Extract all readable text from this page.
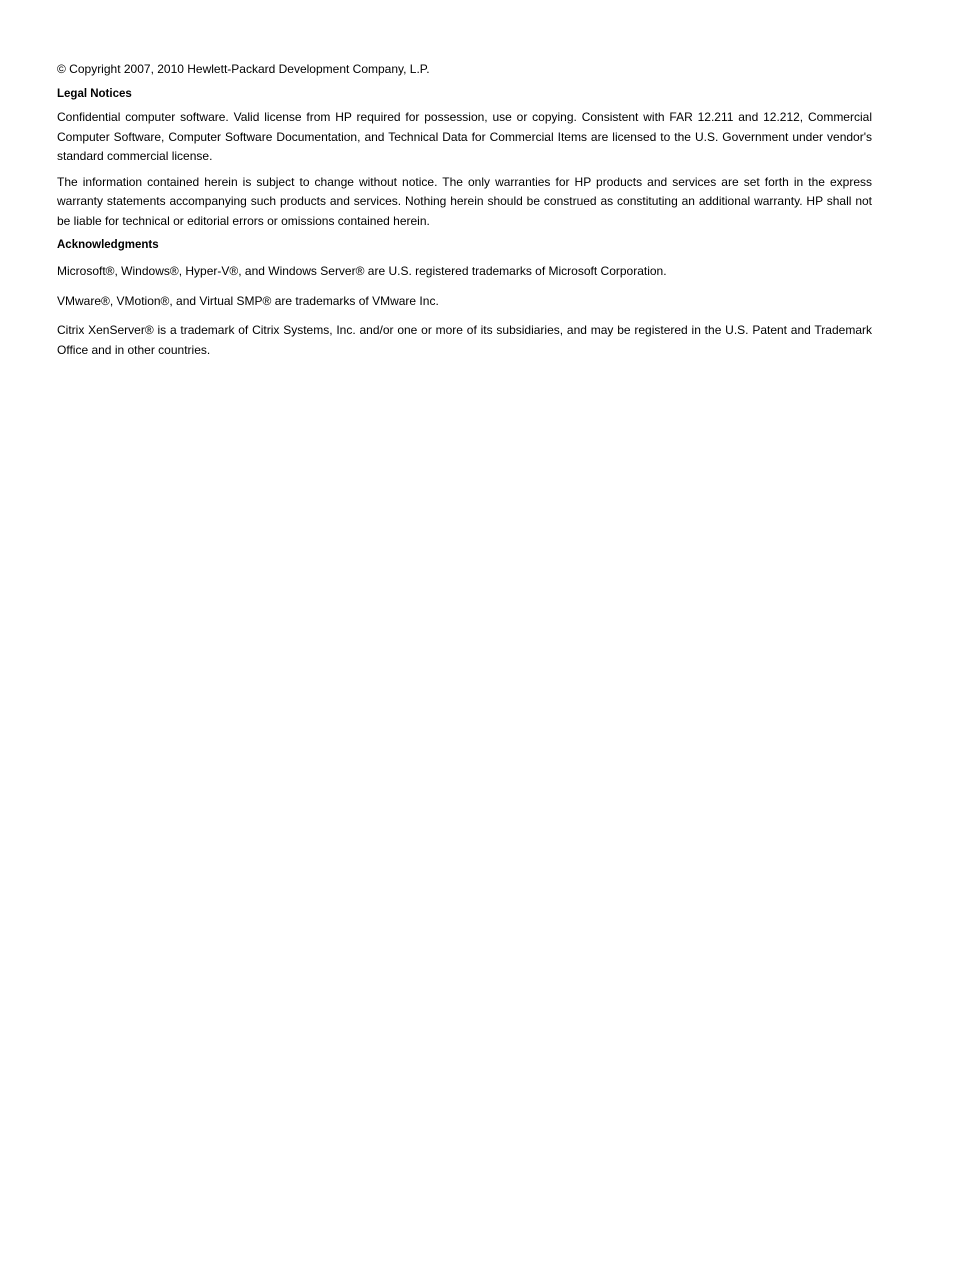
© Copyright 2007, 2010 Hewlett-Packard Development Company, L.P.

Legal Notices

Confidential computer software. Valid license from HP required for possession, use or copying. Consistent with FAR 12.211 and 12.212, Commercial Computer Software, Computer Software Documentation, and Technical Data for Commercial Items are licensed to the U.S. Government under vendor's standard commercial license.

The information contained herein is subject to change without notice. The only warranties for HP products and services are set forth in the express warranty statements accompanying such products and services. Nothing herein should be construed as constituting an additional warranty. HP shall not be liable for technical or editorial errors or omissions contained herein.

Acknowledgments

Microsoft®, Windows®, Hyper-V®, and Windows Server® are U.S. registered trademarks of Microsoft Corporation.

VMware®, VMotion®, and Virtual SMP® are trademarks of VMware Inc.

Citrix XenServer® is a trademark of Citrix Systems, Inc. and/or one or more of its subsidiaries, and may be registered in the U.S. Patent and Trademark Office and in other countries.
